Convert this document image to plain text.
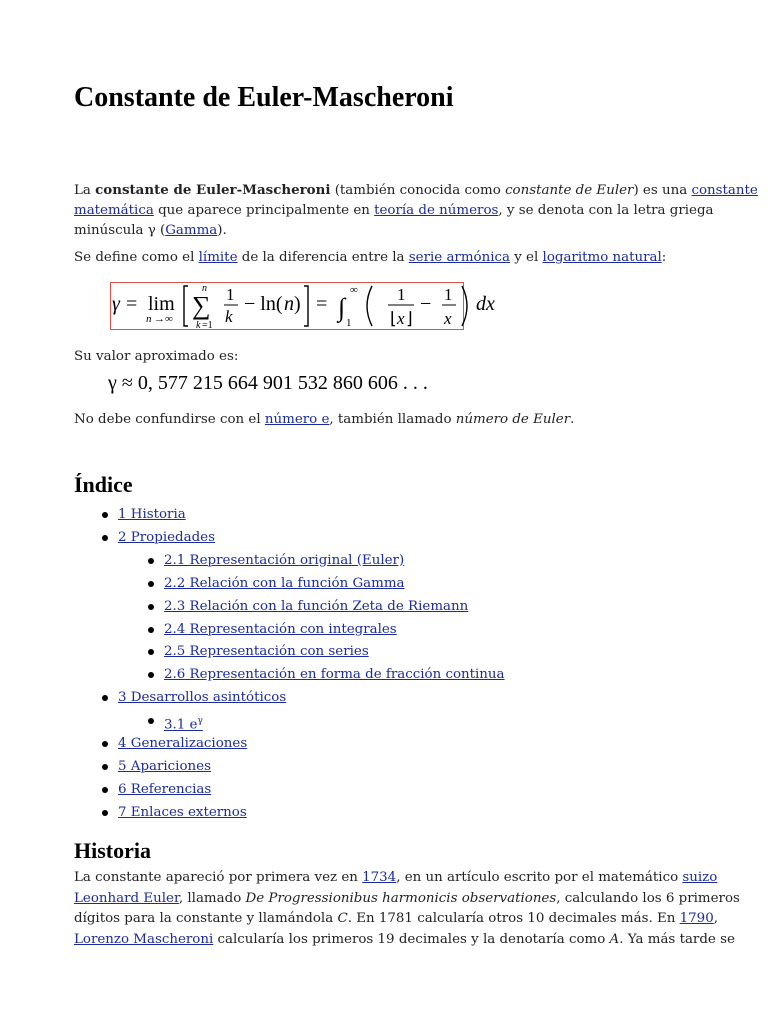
Constante de Euler-Mascheroni
La constante de Euler-Mascheroni (también conocida como constante de Euler) es una constante
matemática que aparece principalmente en teoría de números, y se denota con la letra griega
minúscula γ (Gamma).
Se define como el límite de la diferencia entre la serie armónica y el logaritmo natural:
γ = lim
n →∞ ∑
n
k =1
1
k
− ln( n ) = ∫
∞
1
1
⌊ x ⌋
− 1
x
dx
Su valor aproximado es:
γ ≈ 0, 577 215 664 901 532 860 606 . . .
No debe confundirse con el número e, también llamado número de Euler.
Índice
1 Historia
2 Propiedades
2.1 Representación original (Euler)
2.2 Relación con la función Gamma
2.3 Relación con la función Zeta de Riemann
2.4 Representación con integrales
2.5 Representación con series
2.6 Representación en forma de fracción continua
3 Desarrollos asintóticos
3.1 $e^\gamma$
4 Generalizaciones
5 Apariciones
6 Referencias
7 Enlaces externos
Historia
La constante apareció por primera vez en 1734, en un artículo escrito por el matemático suizo
Leonhard Euler, llamado De Progressionibus harmonicis observationes, calculando los 6 primeros
dígitos para la constante y llamándola C. En 1781 calcularía otros 10 decimales más. En 1790,
Lorenzo Mascheroni calcularía los primeros 19 decimales y la denotaría como A. Ya más tarde se
